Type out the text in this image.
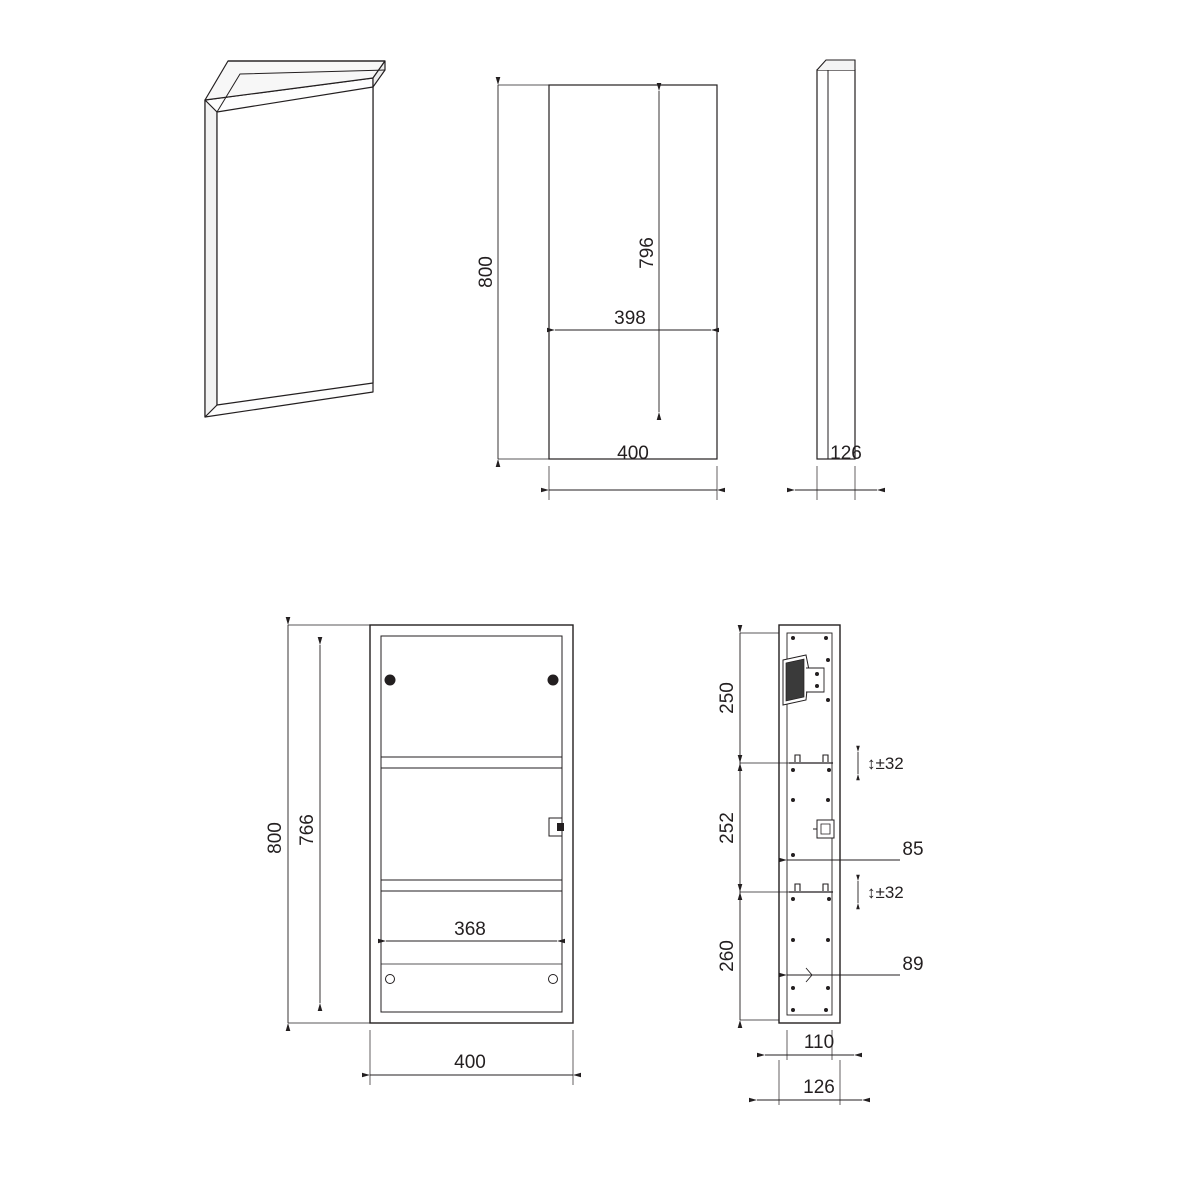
800
796
398
400	126
800 766
368
400
250
252
260
↕±32
↕±32
85
89
110
126
